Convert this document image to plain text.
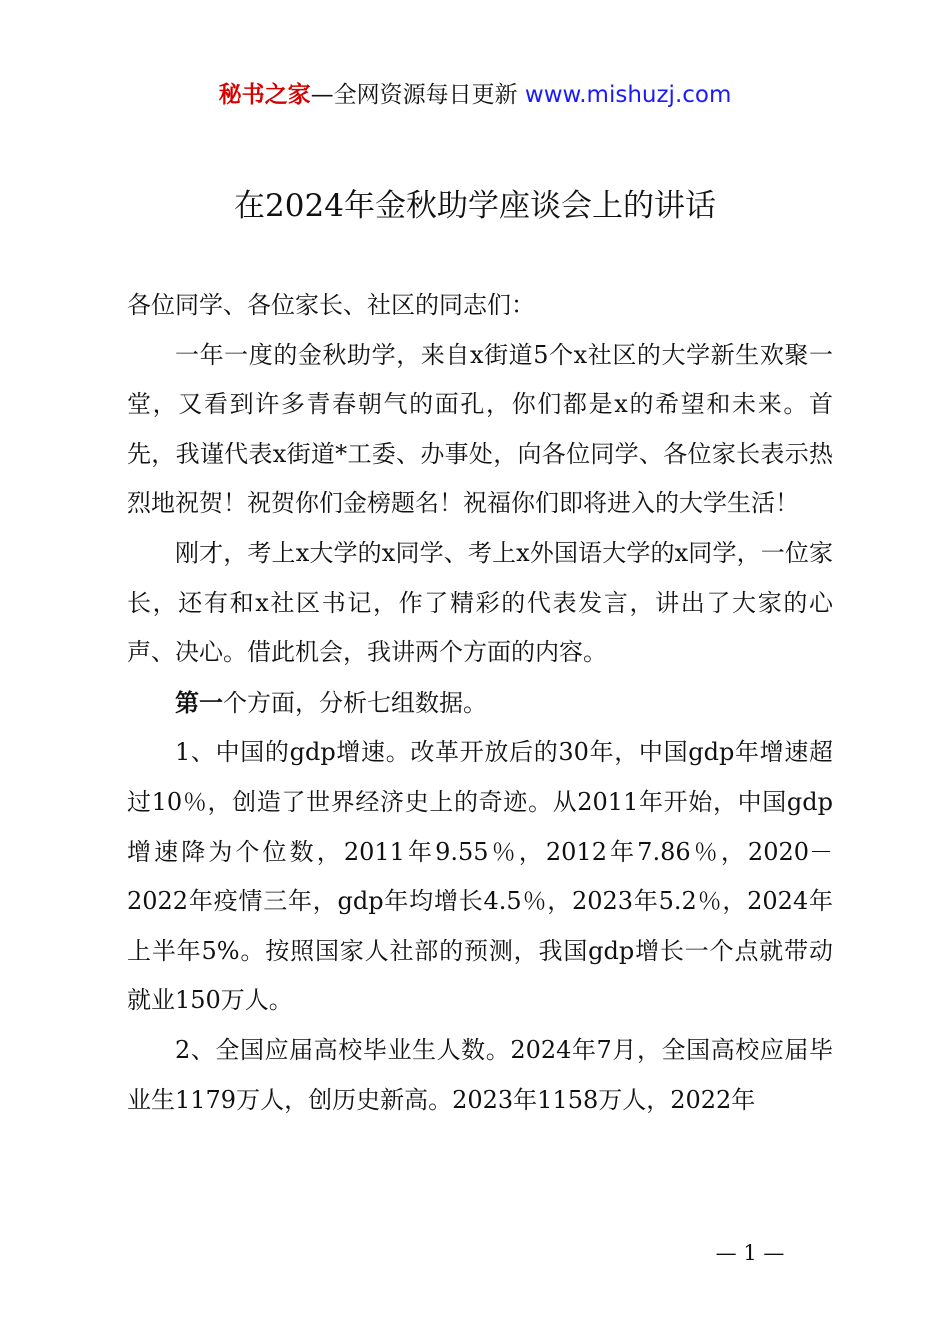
秘书之家—全网资源每日更新 www.mishuzj.com
在2024年金秋助学座谈会上的讲话

各位同学、各位家长、社区的同志们：

一年一度的金秋助学，来自x街道5个x社区的大学新生欢聚一堂，又看到许多青春朝气的面孔，你们都是x的希望和未来。首先，我谨代表x街道*工委、办事处，向各位同学、各位家长表示热烈地祝贺！祝贺你们金榜题名！祝福你们即将进入的大学生活！

刚才，考上x大学的x同学、考上x外国语大学的x同学，一位家长，还有和x社区书记，作了精彩的代表发言，讲出了大家的心声、决心。借此机会，我讲两个方面的内容。

第一个方面，分析七组数据。

1、中国的gdp增速。改革开放后的30年，中国gdp年增速超过10％，创造了世界经济史上的奇迹。从2011年开始，中国gdp增速降为个位数，2011年9.55％，2012年7.86％，2020－2022年疫情三年，gdp年均增长4.5％，2023年5.2％，2024年上半年5%。按照国家人社部的预测，我国gdp增长一个点就带动就业150万人。

2、全国应届高校毕业生人数。2024年7月，全国高校应届毕业生1179万人，创历史新高。2023年1158万人，2022年

— 1 —
